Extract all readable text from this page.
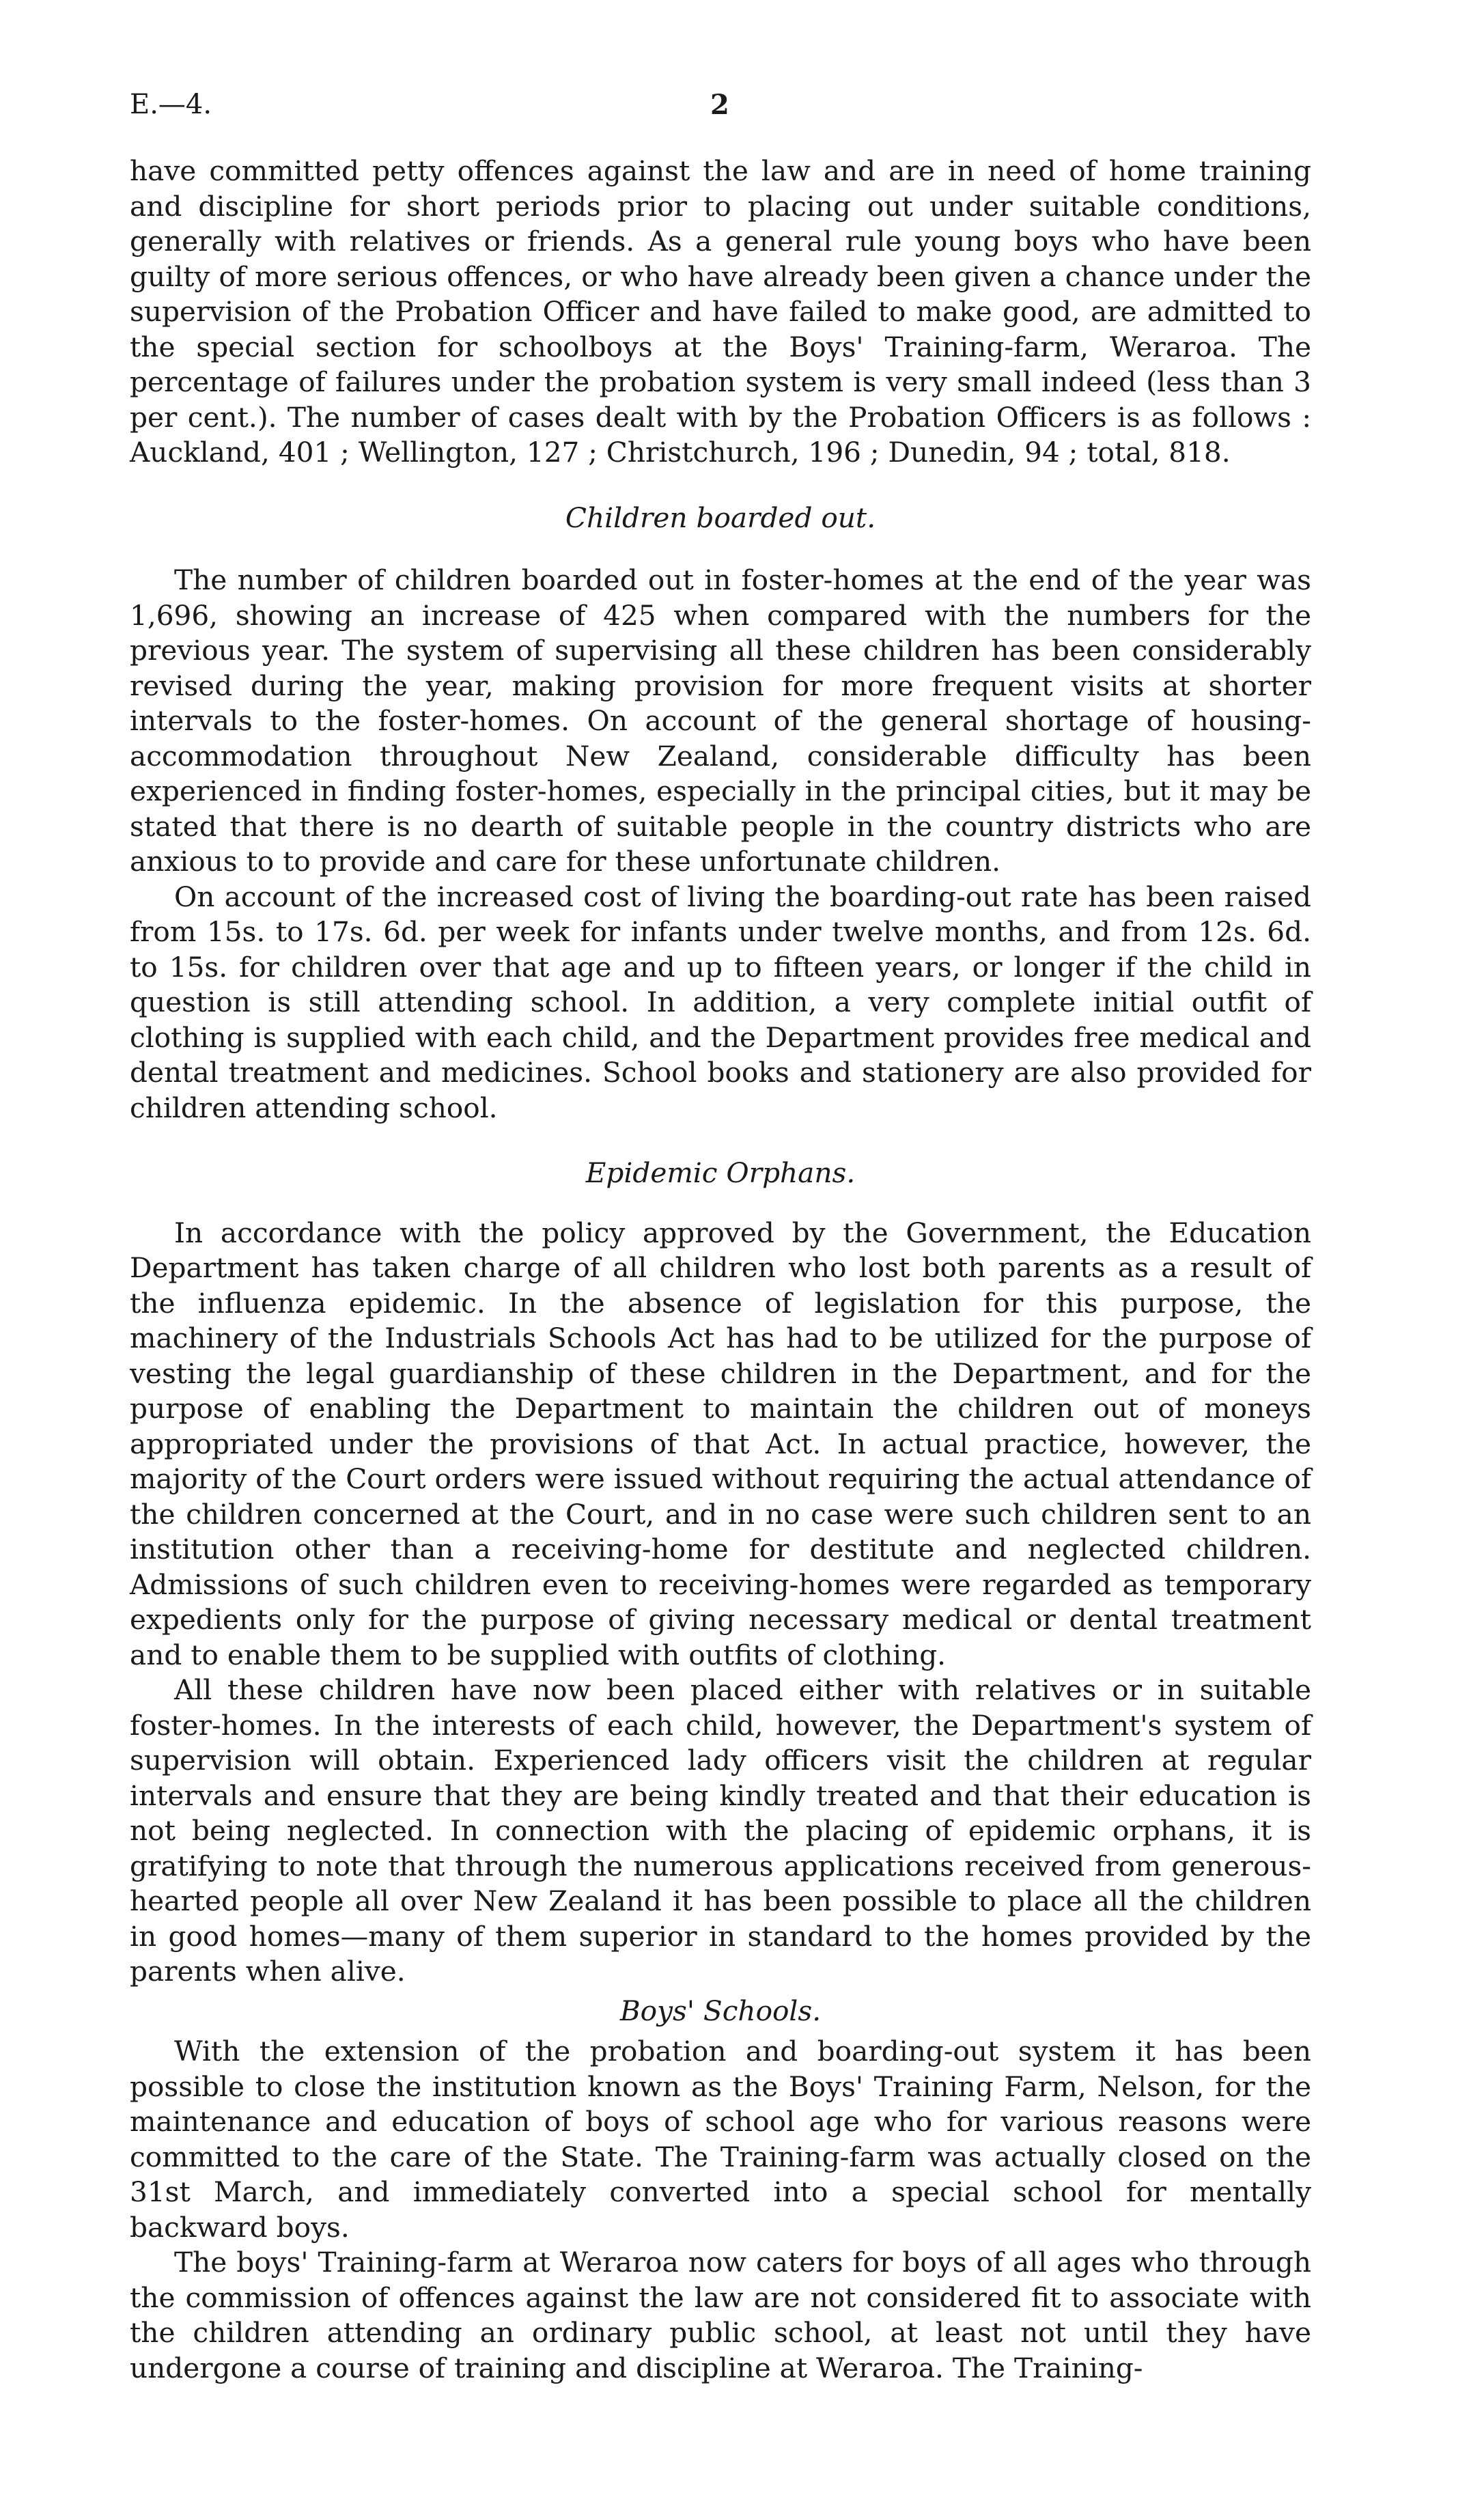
E.—4.	2

have committed petty offences against the law and are in need of home training and discipline for short periods prior to placing out under suitable conditions, generally with relatives or friends. As a general rule young boys who have been guilty of more serious offences, or who have already been given a chance under the supervision of the Probation Officer and have failed to make good, are admitted to the special section for schoolboys at the Boys' Training-farm, Weraroa. The percentage of failures under the probation system is very small indeed (less than 3 per cent.). The number of cases dealt with by the Probation Officers is as follows : Auckland, 401 ; Wellington, 127 ; Christchurch, 196 ; Dunedin, 94 ; total, 818.

Children boarded out.

The number of children boarded out in foster-homes at the end of the year was 1,696, showing an increase of 425 when compared with the numbers for the previous year. The system of supervising all these children has been considerably revised during the year, making provision for more frequent visits at shorter intervals to the foster-homes. On account of the general shortage of housing-accommodation throughout New Zealand, considerable difficulty has been experienced in finding foster-homes, especially in the principal cities, but it may be stated that there is no dearth of suitable people in the country districts who are anxious to to provide and care for these unfortunate children.

On account of the increased cost of living the boarding-out rate has been raised from 15s. to 17s. 6d. per week for infants under twelve months, and from 12s. 6d. to 15s. for children over that age and up to fifteen years, or longer if the child in question is still attending school. In addition, a very complete initial outfit of clothing is supplied with each child, and the Department provides free medical and dental treatment and medicines. School books and stationery are also provided for children attending school.

Epidemic Orphans.

In accordance with the policy approved by the Government, the Education Department has taken charge of all children who lost both parents as a result of the influenza epidemic. In the absence of legislation for this purpose, the machinery of the Industrials Schools Act has had to be utilized for the purpose of vesting the legal guardianship of these children in the Department, and for the purpose of enabling the Department to maintain the children out of moneys appropriated under the provisions of that Act. In actual practice, however, the majority of the Court orders were issued without requiring the actual attendance of the children concerned at the Court, and in no case were such children sent to an institution other than a receiving-home for destitute and neglected children. Admissions of such children even to receiving-homes were regarded as temporary expedients only for the purpose of giving necessary medical or dental treatment and to enable them to be supplied with outfits of clothing.

All these children have now been placed either with relatives or in suitable foster-homes. In the interests of each child, however, the Department's system of supervision will obtain. Experienced lady officers visit the children at regular intervals and ensure that they are being kindly treated and that their education is not being neglected. In connection with the placing of epidemic orphans, it is gratifying to note that through the numerous applications received from generous-hearted people all over New Zealand it has been possible to place all the children in good homes—many of them superior in standard to the homes provided by the parents when alive.

Boys' Schools.

With the extension of the probation and boarding-out system it has been possible to close the institution known as the Boys' Training Farm, Nelson, for the maintenance and education of boys of school age who for various reasons were committed to the care of the State. The Training-farm was actually closed on the 31st March, and immediately converted into a special school for mentally backward boys.

The boys' Training-farm at Weraroa now caters for boys of all ages who through the commission of offences against the law are not considered fit to associate with the children attending an ordinary public school, at least not until they have undergone a course of training and discipline at Weraroa. The Training-
